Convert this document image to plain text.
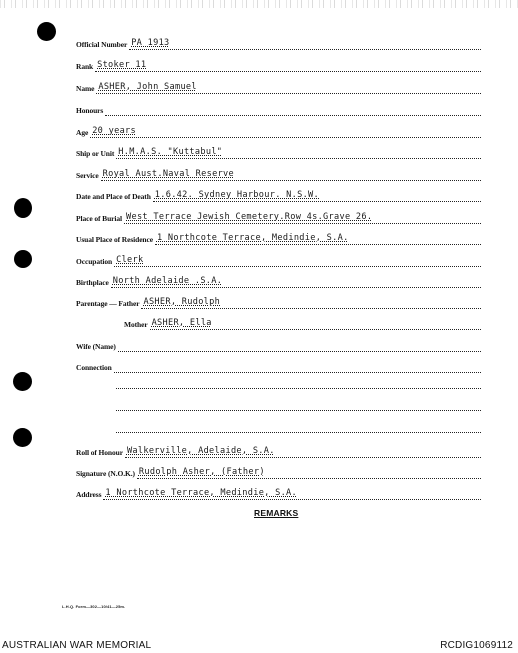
Official Number PA 1913
Rank Stoker 11
Name ASHER, John Samuel
Honours
Age 20 years
Ship or Unit H.M.A.S. "Kuttabul"
Service Royal Aust.Naval Reserve
Date and Place of Death 1.6.42. Sydney Harbour. N.S.W.
Place of Burial West Terrace Jewish Cemetery.Row 4s.Grave 26.
Usual Place of Residence 1 Northcote Terrace, Medindie, S.A.
Occupation Clerk
Birthplace North Adelaide .S.A.
Parentage — Father ASHER, Rudolph
Mother ASHER, Ella
Wife (Name)
Connection
Roll of Honour Walkerville, Adelaide, S.A.
Signature (N.O.K.) Rudolph Asher, (Father)
Address 1 Northcote Terrace, Medindie, S.A.
REMARKS
L.H.Q. Form—302—10/41—25m.
AUSTRALIAN WAR MEMORIAL	RCDIG1069112
